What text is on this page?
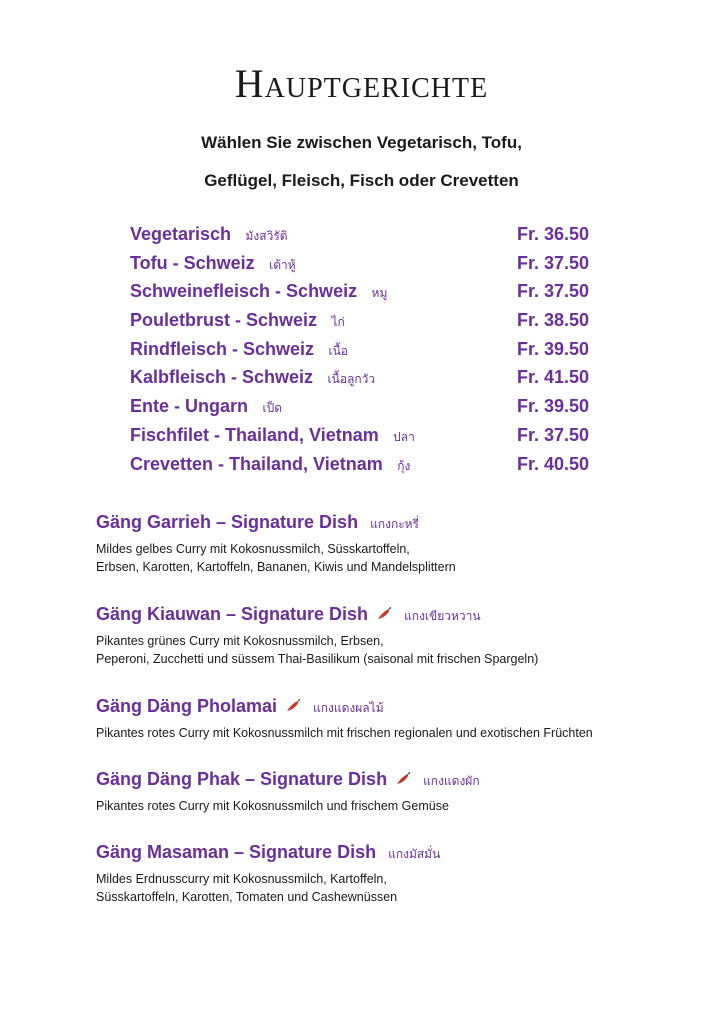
Hauptgerichte
Wählen Sie zwischen Vegetarisch, Tofu,
Geflügel, Fleisch, Fisch oder Crevetten
Vegetarisch มังสวิรัติ	Fr. 36.50
Tofu - Schweiz เต้าหู้	Fr. 37.50
Schweinefleisch - Schweiz หมู	Fr. 37.50
Pouletbrust - Schweiz ไก่	Fr. 38.50
Rindfleisch - Schweiz เนื้อ	Fr. 39.50
Kalbfleisch - Schweiz เนื้อลูกวัว	Fr. 41.50
Ente - Ungarn เป็ด	Fr. 39.50
Fischfilet - Thailand, Vietnam ปลา	Fr. 37.50
Crevetten - Thailand, Vietnam กุ้ง	Fr. 40.50
Gäng Garrieh – Signature Dish แกงกะหรี่
Mildes gelbes Curry mit Kokosnussmilch, Süsskartoffeln,
Erbsen, Karotten, Kartoffeln, Bananen, Kiwis und Mandelsplittern
Gäng Kiauwan – Signature Dish	แกงเขียวหวาน
Pikantes grünes Curry mit Kokosnussmilch, Erbsen,
Peperoni, Zucchetti und süssem Thai-Basilikum (saisonal mit frischen Spargeln)
Gäng Däng Pholamai	แกงแดงผลไม้
Pikantes rotes Curry mit Kokosnussmilch mit frischen regionalen und exotischen Früchten
Gäng Däng Phak – Signature Dish	แกงแดงผัก
Pikantes rotes Curry mit Kokosnussmilch und frischem Gemüse
Gäng Masaman – Signature Dish แกงมัสมั่น
Mildes Erdnusscurry mit Kokosnussmilch, Kartoffeln,
Süsskartoffeln, Karotten, Tomaten und Cashewnüssen
